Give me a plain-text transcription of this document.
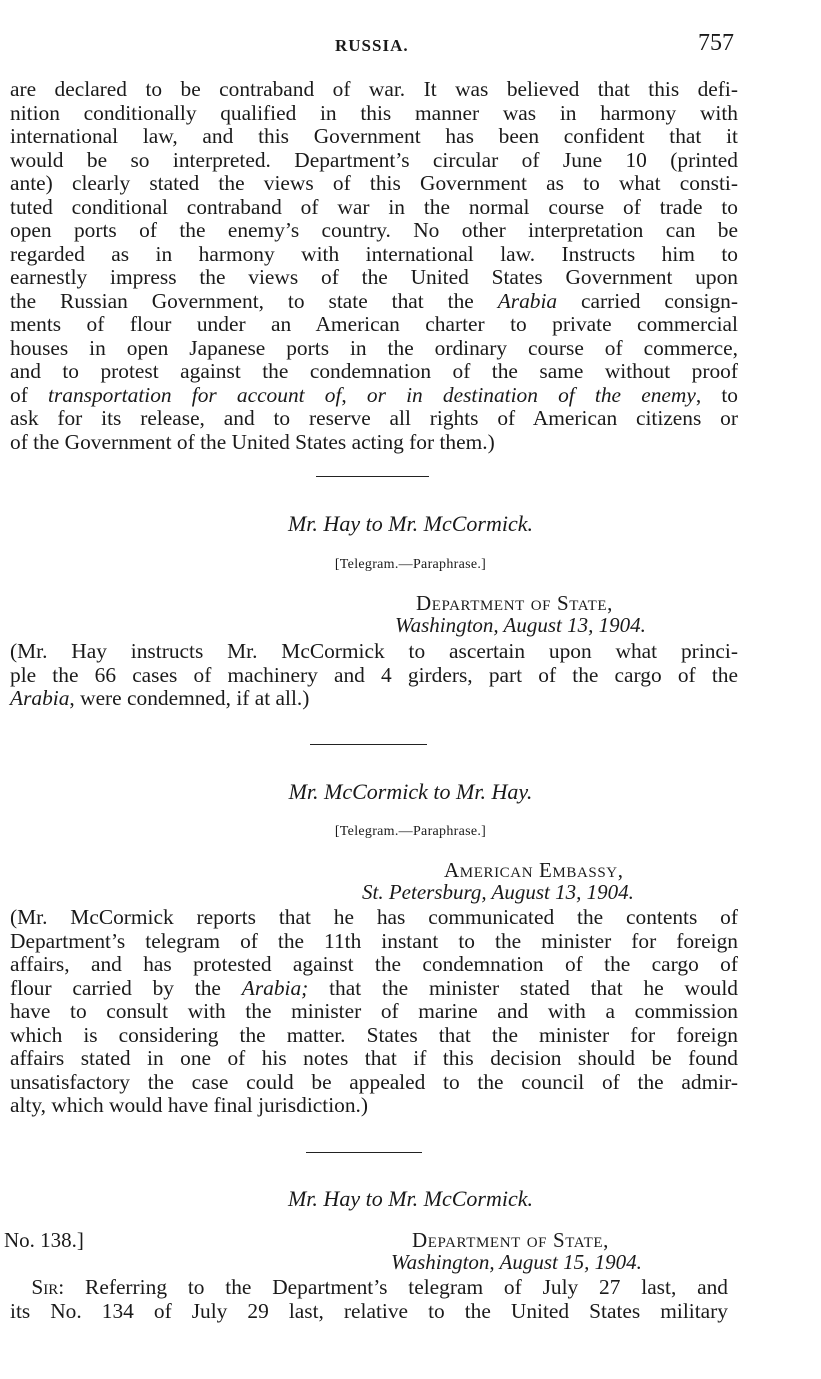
RUSSIA.	757
are declared to be contraband of war. It was believed that this defi-
nition conditionally qualified in this manner was in harmony with
international law, and this Government has been confident that it
would be so interpreted. Department’s circular of June 10 (printed
ante) clearly stated the views of this Government as to what consti-
tuted conditional contraband of war in the normal course of trade to
open ports of the enemy’s country. No other interpretation can be
regarded as in harmony with international law. Instructs him to
earnestly impress the views of the United States Government upon
the Russian Government, to state that the Arabia carried consign-
ments of flour under an American charter to private commercial
houses in open Japanese ports in the ordinary course of commerce,
and to protest against the condemnation of the same without proof
of transportation for account of, or in destination of the enemy, to
ask for its release, and to reserve all rights of American citizens or
of the Government of the United States acting for them.)
Mr. Hay to Mr. McCormick.
[Telegram.—Paraphrase.]
Department of State,
Washington, August 13, 1904.
(Mr. Hay instructs Mr. McCormick to ascertain upon what princi-
ple the 66 cases of machinery and 4 girders, part of the cargo of the
Arabia, were condemned, if at all.)
Mr. McCormick to Mr. Hay.
[Telegram.—Paraphrase.]
American Embassy,
St. Petersburg, August 13, 1904.
(Mr. McCormick reports that he has communicated the contents of
Department’s telegram of the 11th instant to the minister for foreign
affairs, and has protested against the condemnation of the cargo of
flour carried by the Arabia; that the minister stated that he would
have to consult with the minister of marine and with a commission
which is considering the matter. States that the minister for foreign
affairs stated in one of his notes that if this decision should be found
unsatisfactory the case could be appealed to the council of the admir-
alty, which would have final jurisdiction.)
Mr. Hay to Mr. McCormick.
No. 138.]	Department of State,
Washington, August 15, 1904.
 Sir: Referring to the Department’s telegram of July 27 last, and
its No. 134 of July 29 last, relative to the United States military
